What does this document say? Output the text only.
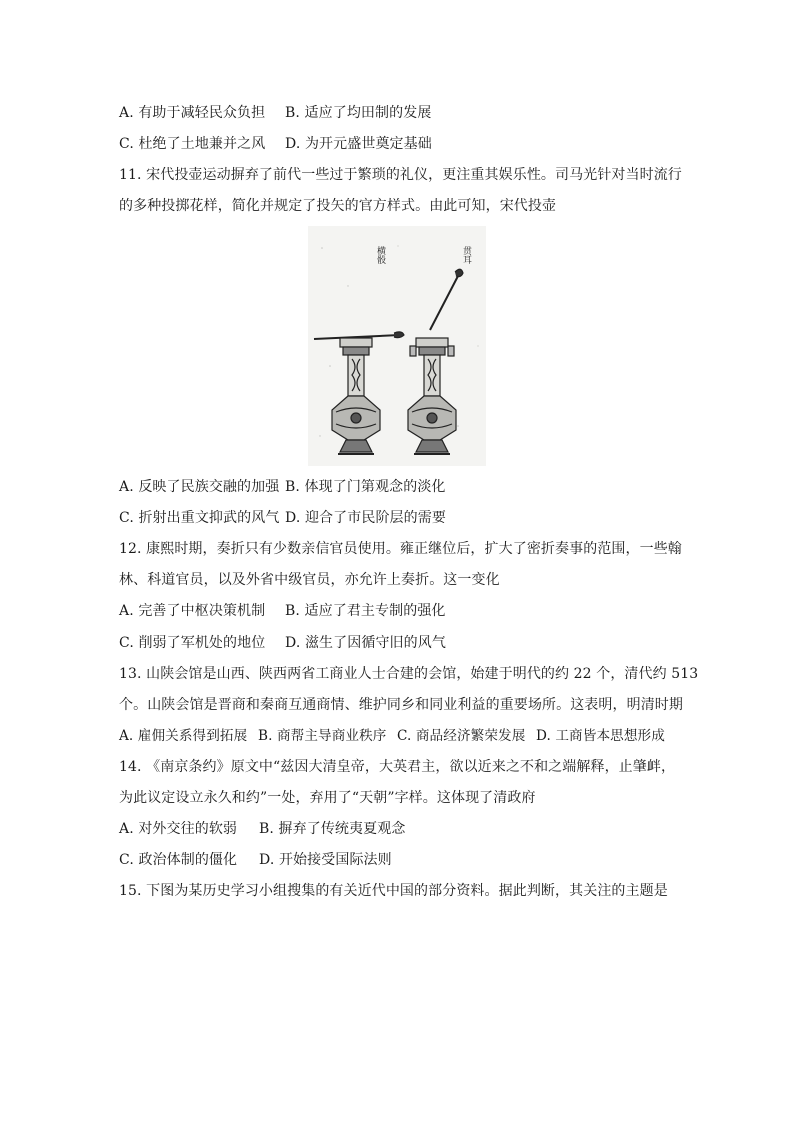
A. 有助于减轻民众负担 B. 适应了均田制的发展
C. 杜绝了土地兼并之风 D. 为开元盛世奠定基础
11. 宋代投壶运动摒弃了前代一些过于繁琐的礼仪，更注重其娱乐性。司马光针对当时流行
的多种投掷花样，简化并规定了投矢的官方样式。由此可知，宋代投壶
横骰	贯耳
A. 反映了民族交融的加强 B. 体现了门第观念的淡化
C. 折射出重文抑武的风气 D. 迎合了市民阶层的需要
12. 康熙时期，奏折只有少数亲信官员使用。雍正继位后，扩大了密折奏事的范围，一些翰
林、科道官员，以及外省中级官员，亦允许上奏折。这一变化
A. 完善了中枢决策机制 B. 适应了君主专制的强化
C. 削弱了军机处的地位 D. 滋生了因循守旧的风气
13. 山陕会馆是山西、陕西两省工商业人士合建的会馆，始建于明代的约 22 个，清代约 513
个。山陕会馆是晋商和秦商互通商情、维护同乡和同业利益的重要场所。这表明，明清时期
A. 雇佣关系得到拓展 B. 商帮主导商业秩序 C. 商品经济繁荣发展 D. 工商皆本思想形成
14. 《南京条约》原文中“兹因大清皇帝，大英君主，欲以近来之不和之端解释，止肇衅，
为此议定设立永久和约”一处，弃用了“天朝”字样。这体现了清政府
A. 对外交往的软弱 B. 摒弃了传统夷夏观念
C. 政治体制的僵化 D. 开始接受国际法则
15. 下图为某历史学习小组搜集的有关近代中国的部分资料。据此判断，其关注的主题是
